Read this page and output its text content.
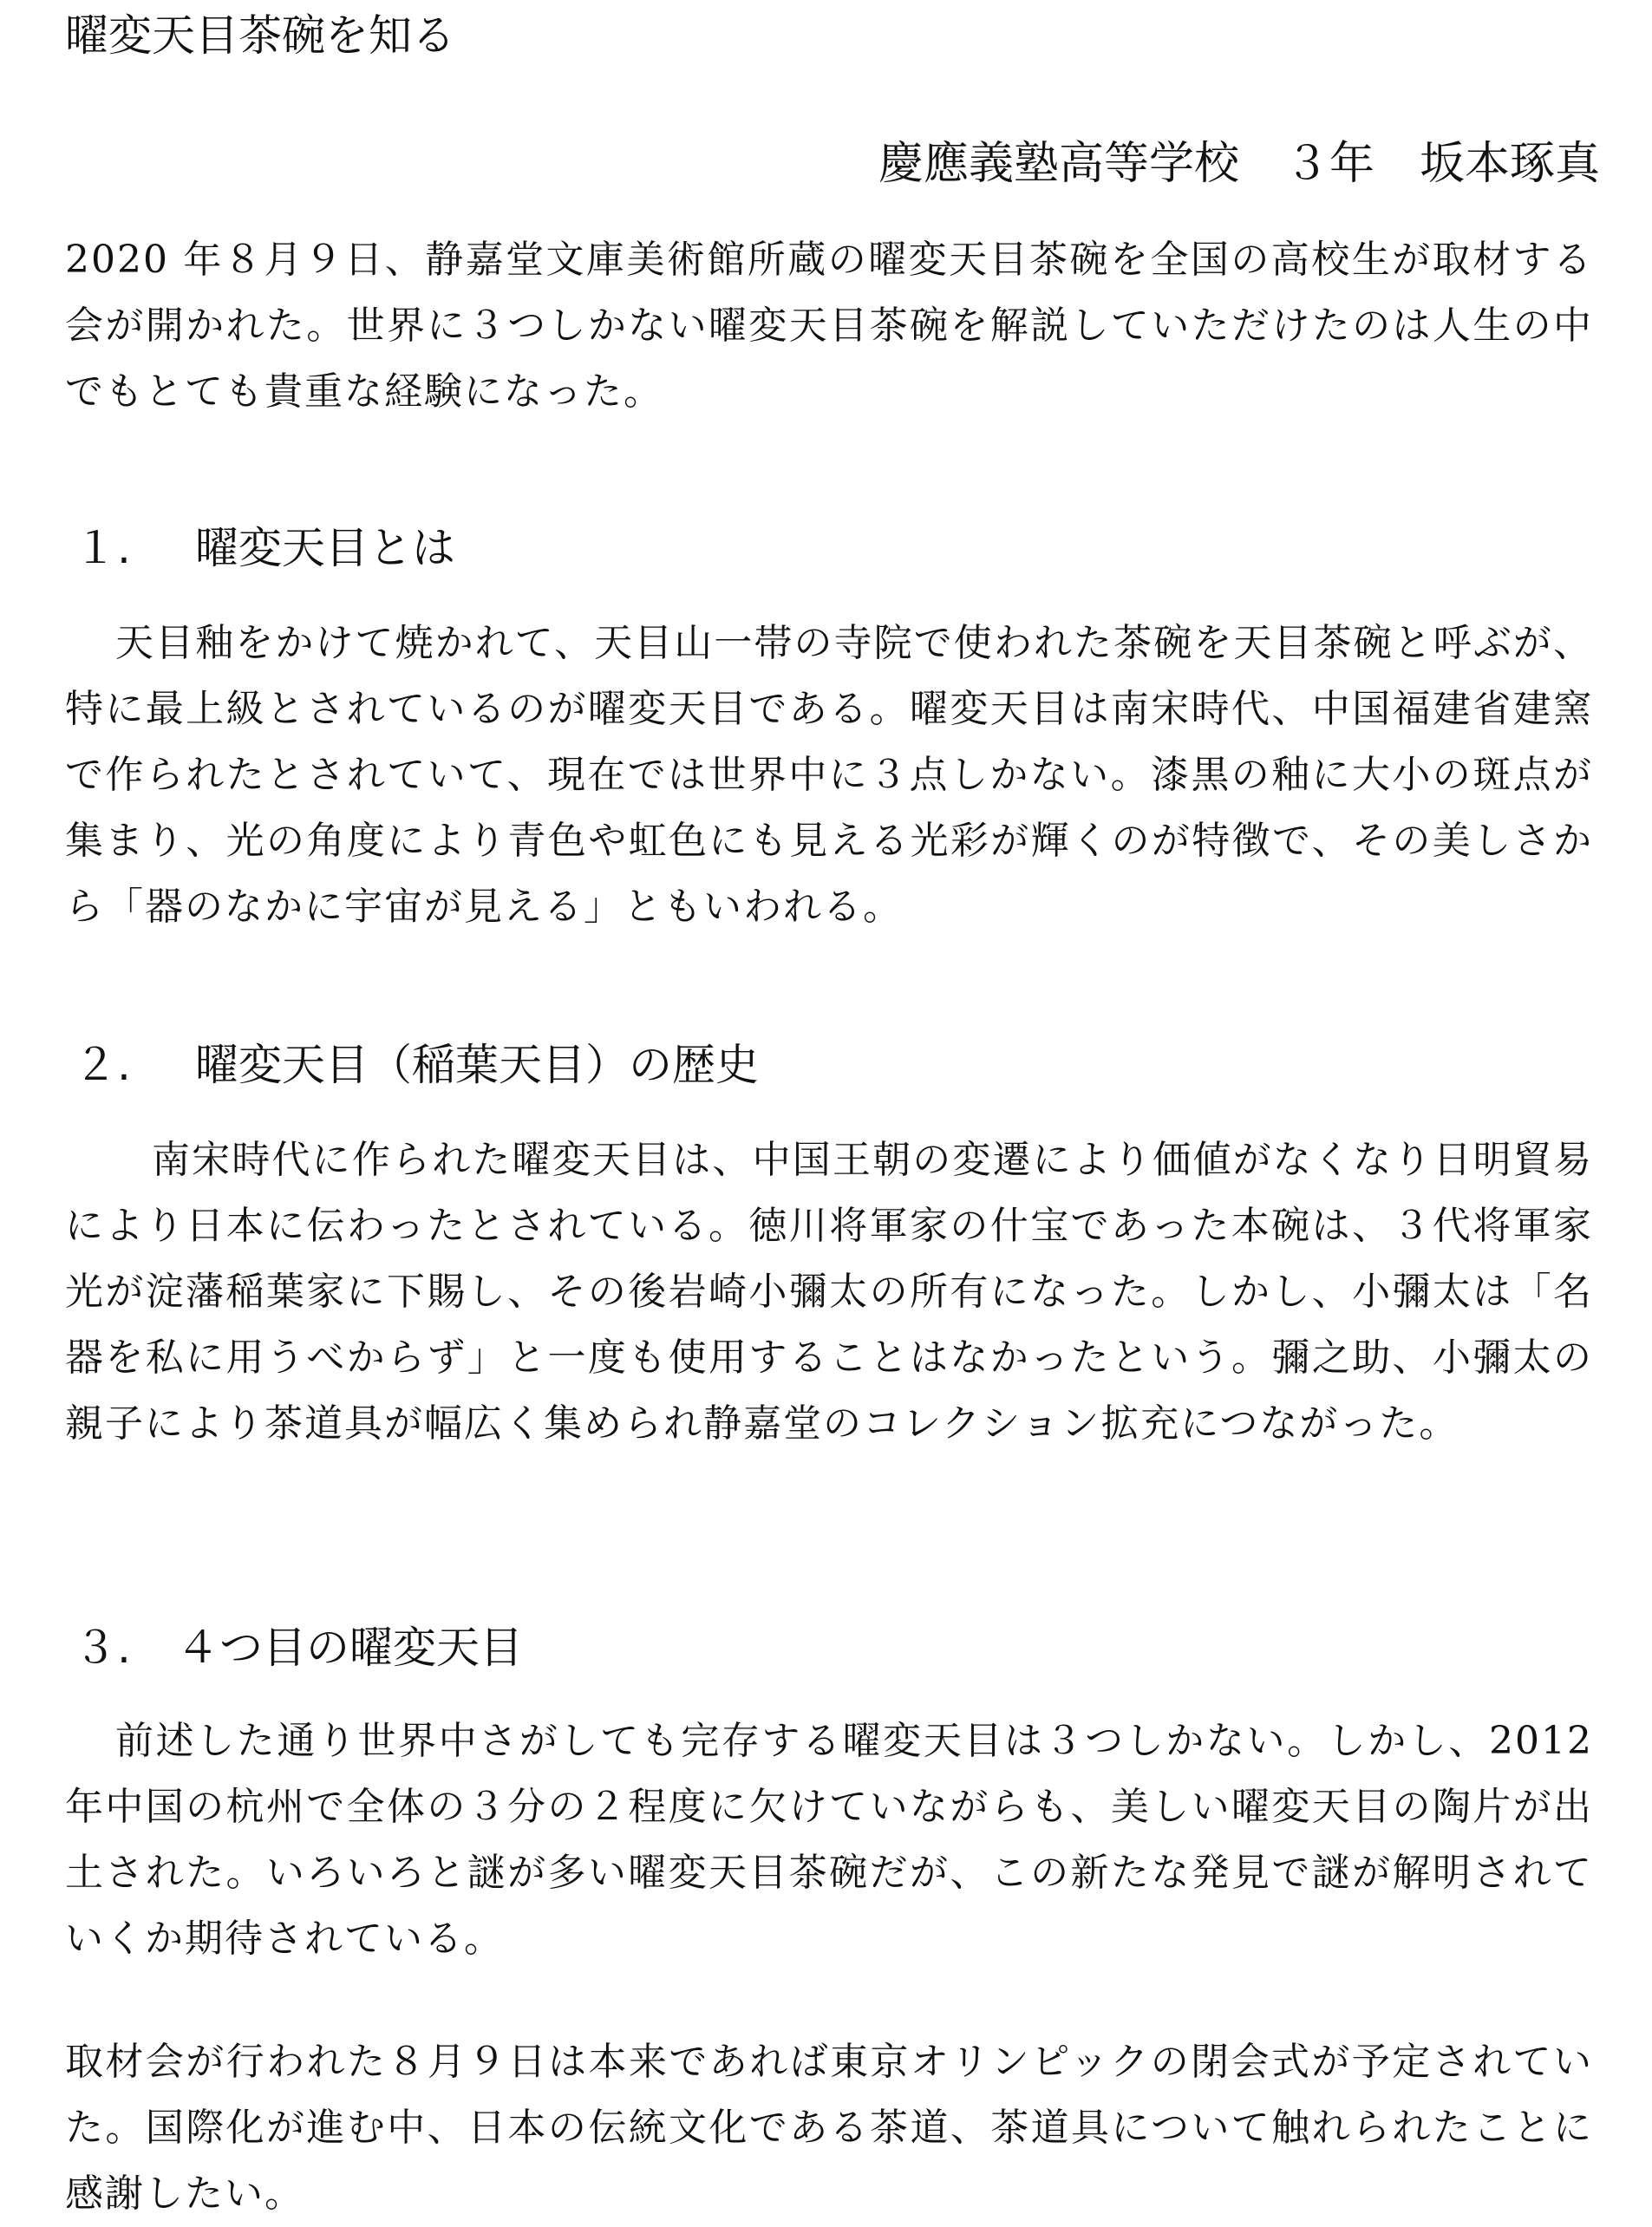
曜変天目茶碗を知る
慶應義塾高等学校　３年　坂本琢真

2020 年８月９日、静嘉堂文庫美術館所蔵の曜変天目茶碗を全国の高校生が取材する会が開かれた。世界に３つしかない曜変天目茶碗を解説していただけたのは人生の中でもとても貴重な経験になった。

１. 曜変天目とは

天目釉をかけて焼かれて、天目山一帯の寺院で使われた茶碗を天目茶碗と呼ぶが、特に最上級とされているのが曜変天目である。曜変天目は南宋時代、中国福建省建窯で作られたとされていて、現在では世界中に３点しかない。漆黒の釉に大小の斑点が集まり、光の角度により青色や虹色にも見える光彩が輝くのが特徴で、その美しさから「器のなかに宇宙が見える」ともいわれる。

２. 曜変天目（稲葉天目）の歴史

南宋時代に作られた曜変天目は、中国王朝の変遷により価値がなくなり日明貿易により日本に伝わったとされている。徳川将軍家の什宝であった本碗は、３代将軍家光が淀藩稲葉家に下賜し、その後岩崎小彌太の所有になった。しかし、小彌太は「名器を私に用うべからず」と一度も使用することはなかったという。彌之助、小彌太の親子により茶道具が幅広く集められ静嘉堂のコレクション拡充につながった。

３. ４つ目の曜変天目

前述した通り世界中さがしても完存する曜変天目は３つしかない。しかし、2012 年中国の杭州で全体の３分の２程度に欠けていながらも、美しい曜変天目の陶片が出土された。いろいろと謎が多い曜変天目茶碗だが、この新たな発見で謎が解明されていくか期待されている。

取材会が行われた８月９日は本来であれば東京オリンピックの閉会式が予定されていた。国際化が進む中、日本の伝統文化である茶道、茶道具について触れられたことに感謝したい。
